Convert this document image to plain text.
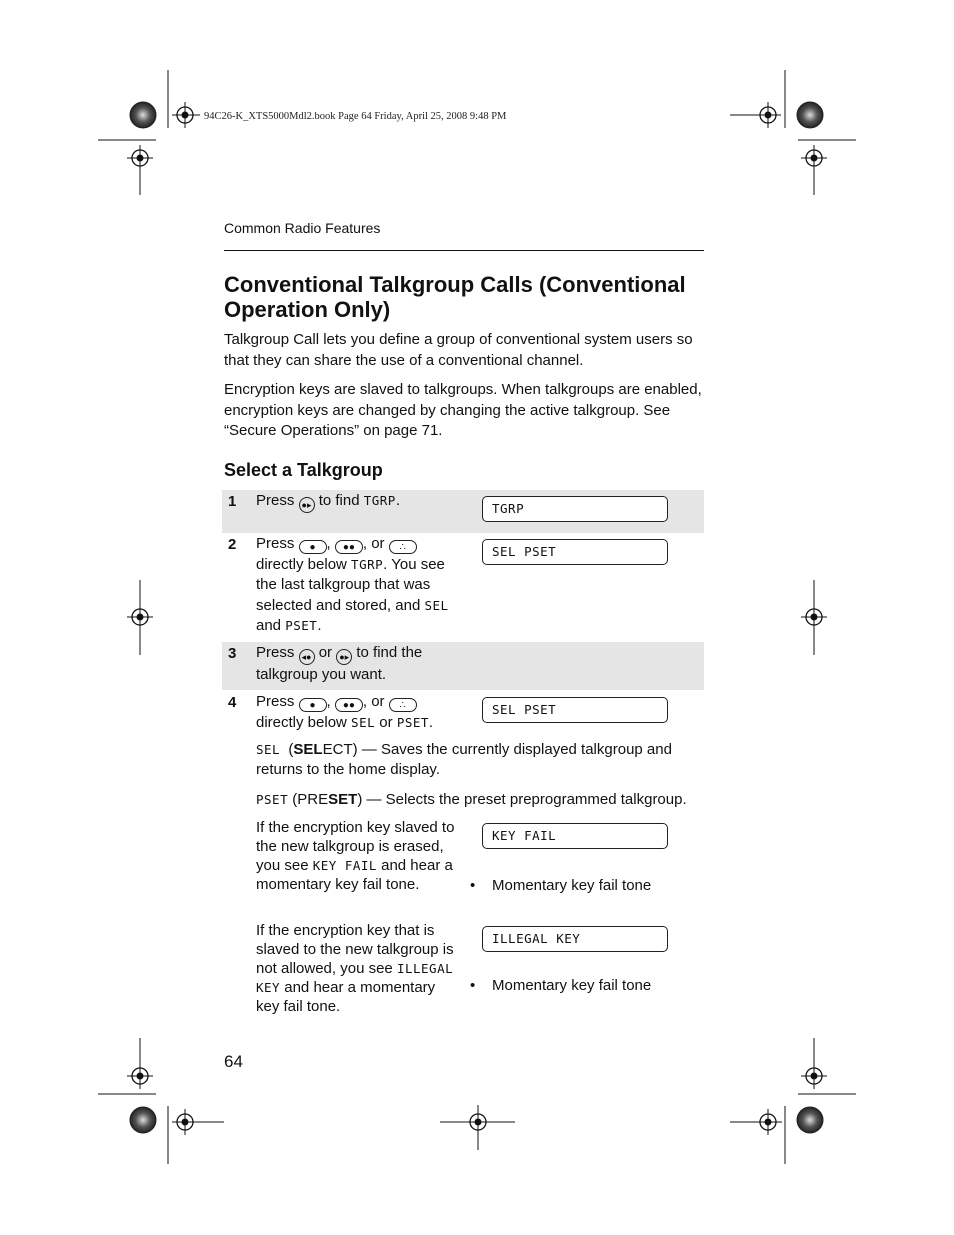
94C26-K_XTS5000Mdl2.book Page 64 Friday, April 25, 2008 9:48 PM
Common Radio Features
Conventional Talkgroup Calls (Conventional Operation Only)
Talkgroup Call lets you define a group of conventional system users so that they can share the use of a conventional channel.
Encryption keys are slaved to talkgroups. When talkgroups are enabled, encryption keys are changed by changing the active talkgroup. See “Secure Operations” on page 71.
Select a Talkgroup
1 Press ●▸ to find TGRP.	TGRP
2 Press ● , ●● , or ∴ directly below TGRP. You see the last talkgroup that was selected and stored, and SEL and PSET.
SEL PSET
3 Press ◂● or ●▸ to find the talkgroup you want.
4 Press ● , ●● , or ∴ directly below SEL or PSET.
SEL PSET
SEL (SELECT) — Saves the currently displayed talkgroup and returns to the home display.
PSET (PRESET) — Selects the preset preprogrammed talkgroup.
If the encryption key slaved to the new talkgroup is erased, you see KEY FAIL and hear a momentary key fail tone.
KEY FAIL
• Momentary key fail tone
If the encryption key that is slaved to the new talkgroup is not allowed, you see ILLEGAL KEY and hear a momentary key fail tone.
ILLEGAL KEY
• Momentary key fail tone
64
